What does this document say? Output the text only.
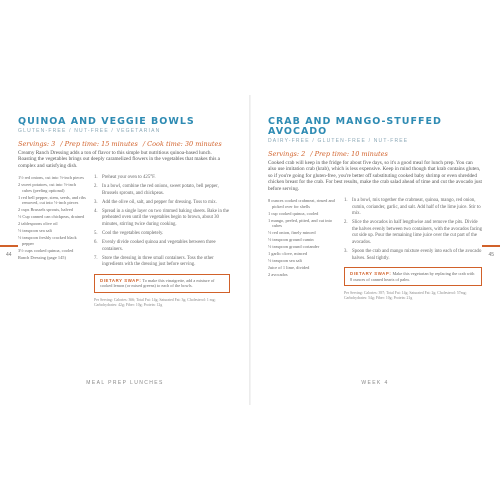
QUINOA AND VEGGIE BOWLS
GLUTEN-FREE / NUT-FREE / VEGETARIAN
Servings: 3 / Prep time: 15 minutes / Cook time: 30 minutes
Creamy Ranch Dressing adds a ton of flavor to this simple but nutritious quinoa-based lunch. Roasting the vegetables brings out deeply caramelized flowers in the vegetables that makes this a complex and satisfying dish.
1½ red onions, cut into ½-inch pieces
2 sweet potatoes, cut into ½-inch cubes (peeling optional)
1 red bell pepper, stem, seeds, and ribs removed, cut into ½-inch pieces
2 cups Brussels sprouts, halved
½ Cup canned can chickpeas, drained
2 tablespoons olive oil
½ teaspoon sea salt
½ teaspoon freshly cracked black pepper
3½ cups cooked quinoa, cooled
Ranch Dressing (page 145)
1. Preheat your oven to 425°F.
2. In a bowl, combine the red onions, sweet potato, bell pepper, Brussels sprouts, and chickpeas.
3. Add the olive oil, salt, and pepper for dressing. Toss to mix.
4. Spread in a single layer on two rimmed baking sheets. Bake in the preheated oven until the vegetables begin to brown, about 30 minutes, stirring twice during cooking.
5. Cool the vegetables completely.
6. Evenly divide cooked quinoa and vegetables between three containers.
7. Store the dressing in three small containers. Toss the other ingredients with the dressing just before serving.
DIETARY SWAP: To make this vinaigrette, add a mixture of cooked lemon (or mixed greens) to each of the bowls.
Per Serving: Calories: 366; Total Fat: 14g; Saturated Fat: 3g; Cholesterol: 1 mg; Carbohydrates: 42g; Fiber: 10g; Protein: 12g
CRAB AND MANGO-STUFFED AVOCADO
DAIRY-FREE / GLUTEN-FREE / NUT-FREE
Servings: 2 / Prep time: 10 minutes
Cooked crab will keep in the fridge for about five days, so it's a good meal for lunch prep. You can also use imitation crab (krab), which is less expensive. Keep in mind though that krab contains gluten, so if you're going for gluten-free, you're better off substituting cooked baby shrimp or even shredded chicken breast for the crab. For best results, make the crab salad ahead of time and cut the avocado just before serving.
8 ounces cooked crabmeat, rinsed and picked over for shells
1 cup cooked quinoa, cooled
1 mango, peeled, pitted, and cut into cubes
½ red onion, finely minced
½ teaspoon ground cumin
½ teaspoon ground coriander
1 garlic clove, minced
½ teaspoon sea salt
Juice of 1 lime, divided
2 avocados
1. In a bowl, mix together the crabmeat, quinoa, mango, red onion, cumin, coriander, garlic, and salt. Add half of the lime juice. Stir to mix.
2. Slice the avocados in half lengthwise and remove the pits. Divide the halves evenly between two containers, with the avocados facing cut side up. Pour the remaining lime juice over the cut part of the avocados.
3. Spoon the crab and mango mixture evenly into each of the avocado halves. Seal tightly.
DIETARY SWAP: Make this vegetarian by replacing the crab with 8 ounces of canned hearts of palm.
Per Serving: Calories: 397; Total Fat: 14g; Saturated Fat: 2g; Cholesterol: 57mg; Carbohydrates: 54g; Fiber: 10g; Protein: 21g
44	45
MEAL PREP LUNCHES	WEEK 4
